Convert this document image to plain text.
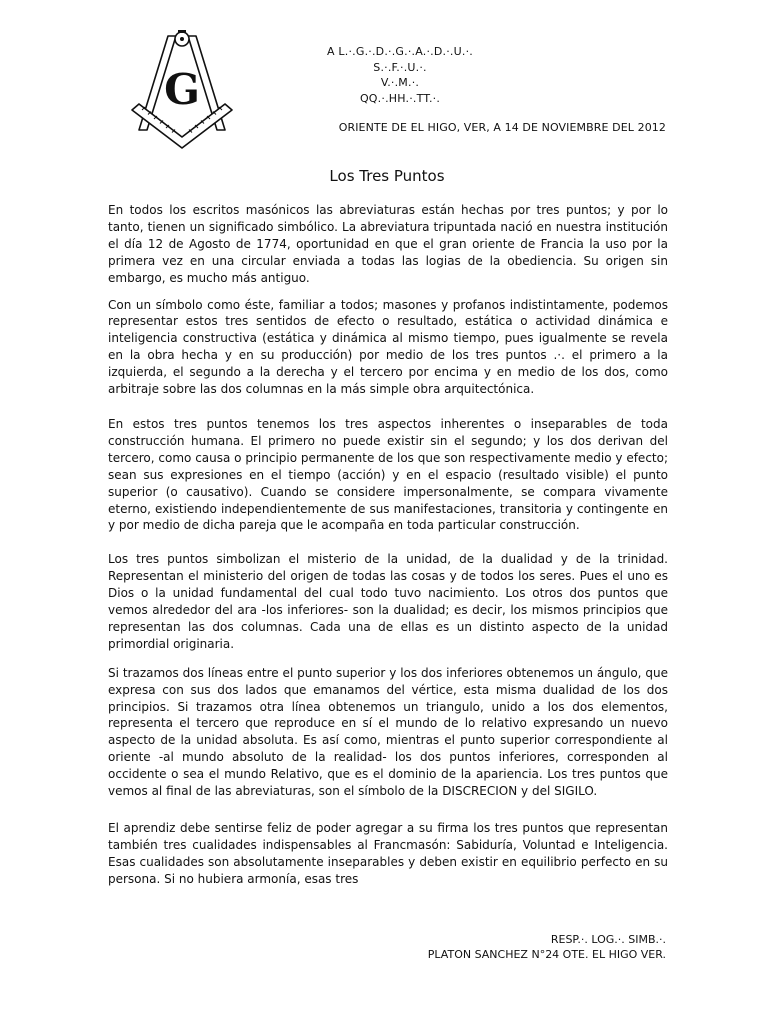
G
A L.·.G.·.D.·.G.·.A.·.D.·.U.·.
S.·.F.·.U.·.
V.·.M.·.
QQ.·.HH.·.TT.·.
ORIENTE DE EL HIGO, VER, A 14 DE NOVIEMBRE DEL 2012
Los Tres Puntos

En todos los escritos masónicos las abreviaturas están hechas por tres puntos; y por lo tanto, tienen un significado simbólico. La abreviatura tripuntada nació en nuestra institución el día 12 de Agosto de 1774, oportunidad en que el gran oriente de Francia la uso por la primera vez en una circular enviada a todas las logias de la obediencia. Su origen sin embargo, es mucho más antiguo.

Con un símbolo como éste, familiar a todos; masones y profanos indistintamente, podemos representar estos tres sentidos de efecto o resultado, estática o actividad dinámica e inteligencia constructiva (estática y dinámica al mismo tiempo, pues igualmente se revela en la obra hecha y en su producción) por medio de los tres puntos .·. el primero a la izquierda, el segundo a la derecha y el tercero por encima y en medio de los dos, como arbitraje sobre las dos columnas en la más simple obra arquitectónica.

En estos tres puntos tenemos los tres aspectos inherentes o inseparables de toda construcción humana. El primero no puede existir sin el segundo; y los dos derivan del tercero, como causa o principio permanente de los que son respectivamente medio y efecto; sean sus expresiones en el tiempo (acción) y en el espacio (resultado visible) el punto superior (o causativo). Cuando se considere impersonalmente, se compara vivamente eterno, existiendo independientemente de sus manifestaciones, transitoria y contingente en y por medio de dicha pareja que le acompaña en toda particular construcción.

Los tres puntos simbolizan el misterio de la unidad, de la dualidad y de la trinidad. Representan el ministerio del origen de todas las cosas y de todos los seres. Pues el uno es Dios o la unidad fundamental del cual todo tuvo nacimiento. Los otros dos puntos que vemos alrededor del ara -los inferiores- son la dualidad; es decir, los mismos principios que representan las dos columnas. Cada una de ellas es un distinto aspecto de la unidad primordial originaria.

Si trazamos dos líneas entre el punto superior y los dos inferiores obtenemos un ángulo, que expresa con sus dos lados que emanamos del vértice, esta misma dualidad de los dos principios. Si trazamos otra línea obtenemos un triangulo, unido a los dos elementos, representa el tercero que reproduce en sí el mundo de lo relativo expresando un nuevo aspecto de la unidad absoluta. Es así como, mientras el punto superior correspondiente al oriente -al mundo absoluto de la realidad- los dos puntos inferiores, corresponden al occidente o sea el mundo Relativo, que es el dominio de la apariencia. Los tres puntos que vemos al final de las abreviaturas, son el símbolo de la DISCRECION y del SIGILO.

El aprendiz debe sentirse feliz de poder agregar a su firma los tres puntos que representan también tres cualidades indispensables al Francmasón: Sabiduría, Voluntad e Inteligencia. Esas cualidades son absolutamente inseparables y deben existir en equilibrio perfecto en su persona. Si no hubiera armonía, esas tres

RESP.·. LOG.·. SIMB.·.
PLATON SANCHEZ N°24 OTE. EL HIGO VER.
